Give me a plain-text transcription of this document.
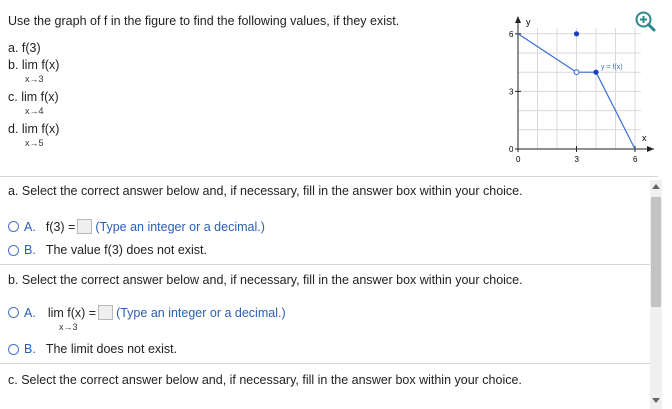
Use the graph of f in the figure to find the following values, if they exist.
a. f(3)
b. lim f(x)
x→3
c. lim f(x)
x→4
d. lim f(x)
x→5
y
x
y = f(x)
6
3
0
0	3	6
a. Select the correct answer below and, if necessary, fill in the answer box within your choice.
A. f(3) = (Type an integer or a decimal.)
B. The value f(3) does not exist.
b. Select the correct answer below and, if necessary, fill in the answer box within your choice.
A. lim f(x) = (Type an integer or a decimal.)
x→3
B. The limit does not exist.
c. Select the correct answer below and, if necessary, fill in the answer box within your choice.
